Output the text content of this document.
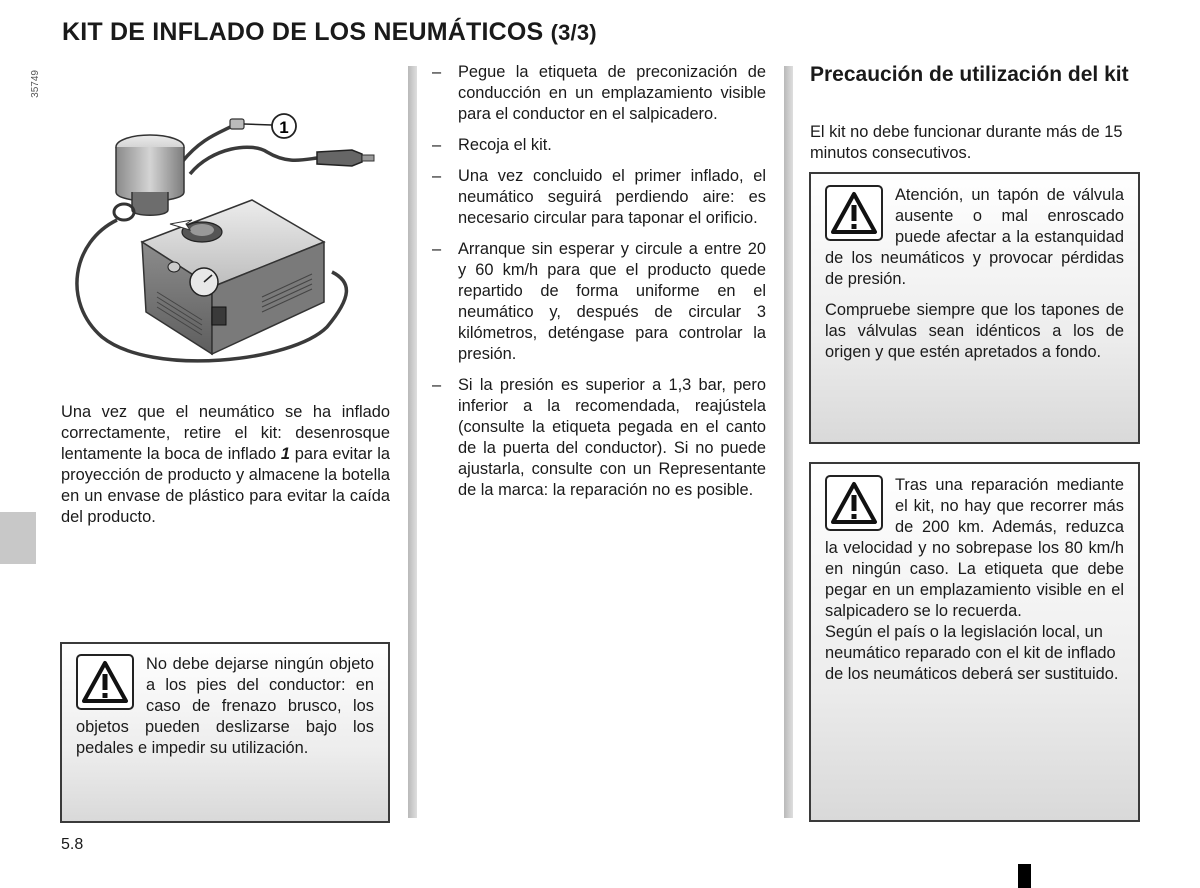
KIT DE INFLADO DE LOS NEUMÁTICOS (3/3)
35749
1
Una vez que el neumático se ha inflado correctamente, retire el kit: desenrosque lentamente la boca de inflado 1 para evitar la proyección de producto y almacene la botella en un envase de plástico para evitar la caída del producto.

No debe dejarse ningún objeto a los pies del conductor: en caso de frenazo brusco, los objetos pueden deslizarse bajo los pedales e impedir su utilización.

– Pegue la etiqueta de preconización de conducción en un emplazamiento visible para el conductor en el salpicadero.
– Recoja el kit.
– Una vez concluido el primer inflado, el neumático seguirá perdiendo aire: es necesario circular para taponar el orificio.
– Arranque sin esperar y circule a entre 20 y 60 km/h para que el producto quede repartido de forma uniforme en el neumático y, después de circular 3 kilómetros, deténgase para controlar la presión.
– Si la presión es superior a 1,3 bar, pero inferior a la recomendada, reajústela (consulte la etiqueta pegada en el canto de la puerta del conductor). Si no puede ajustarla, consulte con un Representante de la marca: la reparación no es posible.
Precaución de utilización del kit
El kit no debe funcionar durante más de 15 minutos consecutivos.

Atención, un tapón de válvula ausente o mal enroscado puede afectar a la estanquidad de los neumáticos y provocar pérdidas de presión.

Compruebe siempre que los tapones de las válvulas sean idénticos a los de origen y que estén apretados a fondo.

Tras una reparación mediante el kit, no hay que recorrer más de 200 km. Además, reduzca la velocidad y no sobrepase los 80 km/h en ningún caso. La etiqueta que debe pegar en un emplazamiento visible en el salpicadero se lo recuerda.

Según el país o la legislación local, un neumático reparado con el kit de inflado de los neumáticos deberá ser sustituido.

5.8
